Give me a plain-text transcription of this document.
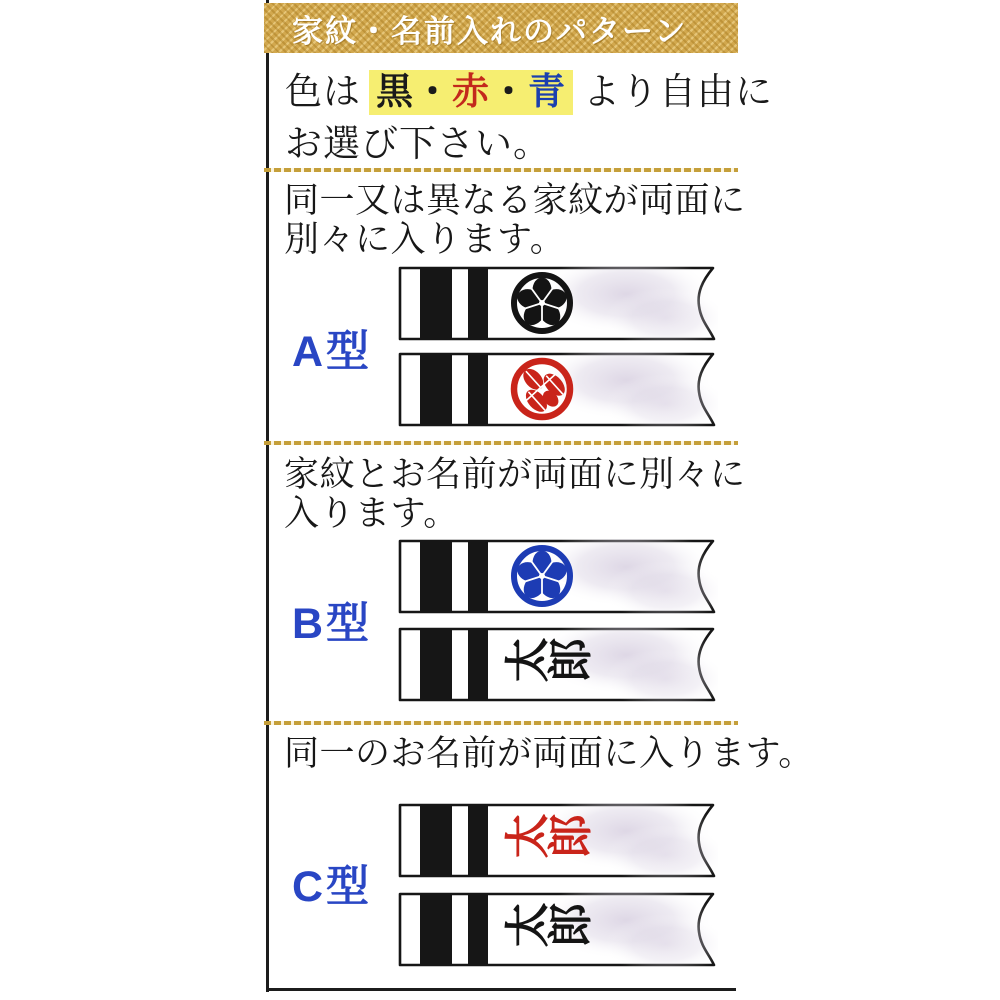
家紋・名前入れのパターン
色は 黒・赤・青 より自由に
お選び下さい。
同一又は異なる家紋が両面に
別々に入ります。
A型
家紋とお名前が両面に別々に
入ります。
B型
太郎
同一のお名前が両面に入ります。
C型
太郎
太郎
